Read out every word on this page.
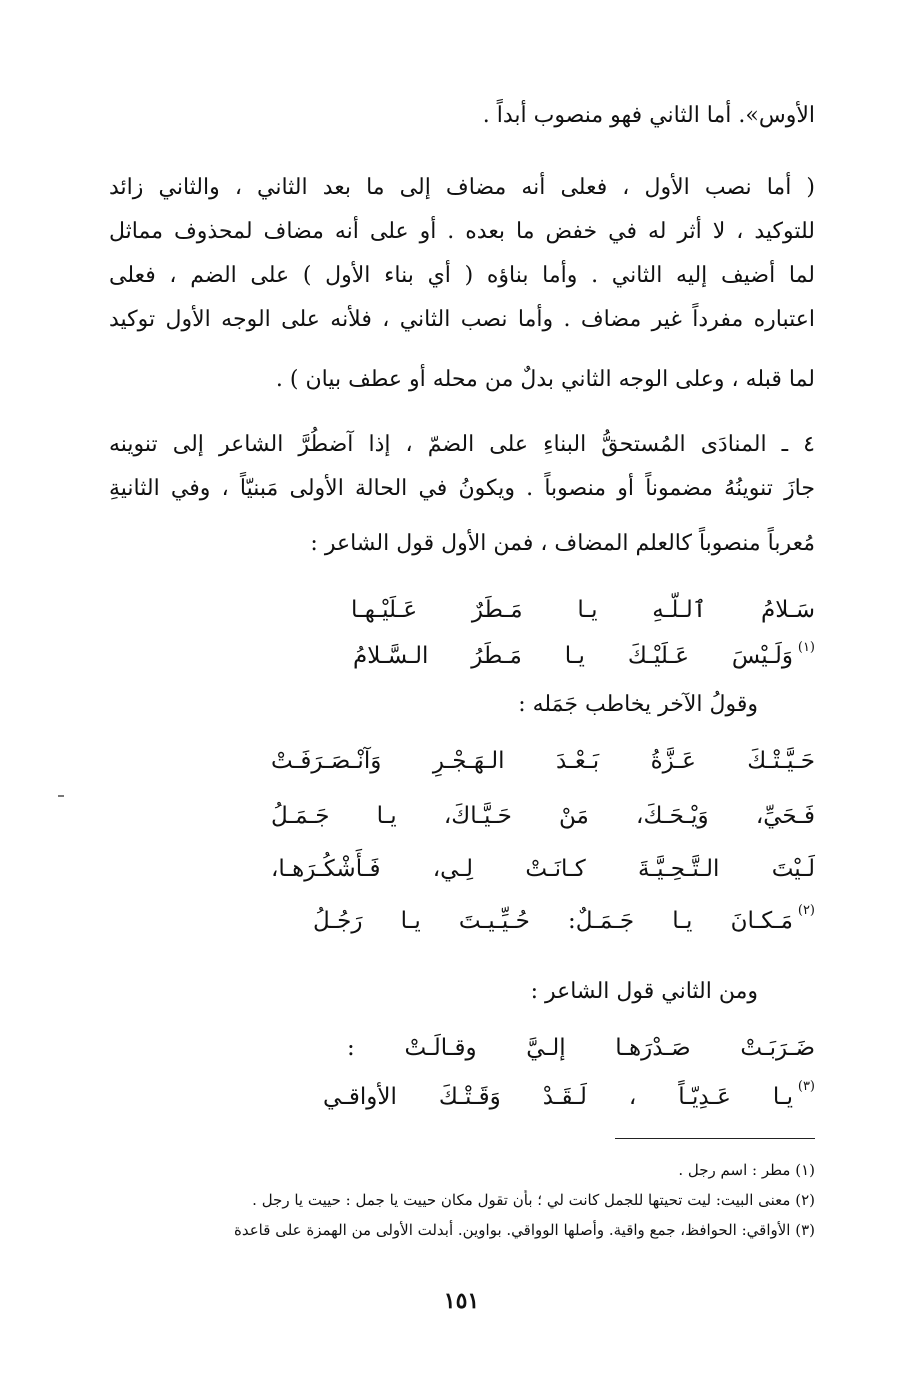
الأوس». أما الثاني فهو منصوب أبداً .
( أما نصب الأول ، فعلى أنه مضاف إلى ما بعد الثاني ، والثاني زائد
للتوكيد ، لا أثر له في خفض ما بعده . أو على أنه مضاف لمحذوف مماثل
لما أضيف إليه الثاني . وأما بناؤه ( أي بناء الأول ) على الضم ، فعلى
اعتباره مفرداً غير مضاف . وأما نصب الثاني ، فلأنه على الوجه الأول توكيد
لما قبله ، وعلى الوجه الثاني بدلٌ من محله أو عطف بيان ) .
٤ ـ المنادَى المُستحقُّ البناءِ على الضمّ ، إذا آضطُرَّ الشاعر إلى تنوينه
جازَ تنوينُهُ مضموناً أو منصوباً . ويكونُ في الحالة الأولى مَبنيّاً ، وفي الثانيةِ
مُعرباً منصوباً كالعلم المضاف ، فمن الأول قول الشاعر :
سَـلامُ ٱلـلّـهِ يـا مَـطَرٌ عَـلَيْـهـا
وَلَـيْسَ عَـلَيْـكَ يـا مَـطَرُ الـسَّـلامُ (١)
وقولُ الآخر يخاطب جَمَله :
حَـيَّـتْـكَ عَـزَّةُ بَـعْـدَ الـهَـجْـرِ وَآنْـصَـرَفَـتْ
فَـحَيِّ، وَيْـحَـكَ، مَنْ حَـيَّـاكَ، يـا جَـمَـلُ
لَـيْتَ الـتَّـحِـيَّـةَ كـانَـتْ لِـي، فَـأَشْكُـرَهـا،
مَـكـانَ يـا جَـمَـلٌ: حُـيِّـيـتَ يـا رَجُـلُ (٢)
ومن الثاني قول الشاعر :
ضَـرَبَـتْ صَـدْرَهـا إلـيَّ وقـالَـتْ :
يـا عَـدِيّـاً ، لَـقَـدْ وَقَـتْـكَ الأواقـي (٣)
(١) مطر : اسم رجل .
(٢) معنى البيت: ليت تحيتها للجمل كانت لي ؛ بأن تقول مكان حييت يا جمل : حييت يا رجل .
(٣) الأواقي: الحوافظ، جمع واقية. وأصلها الوواقي. بواوين. أبدلت الأولى من الهمزة على قاعدة
١٥١
